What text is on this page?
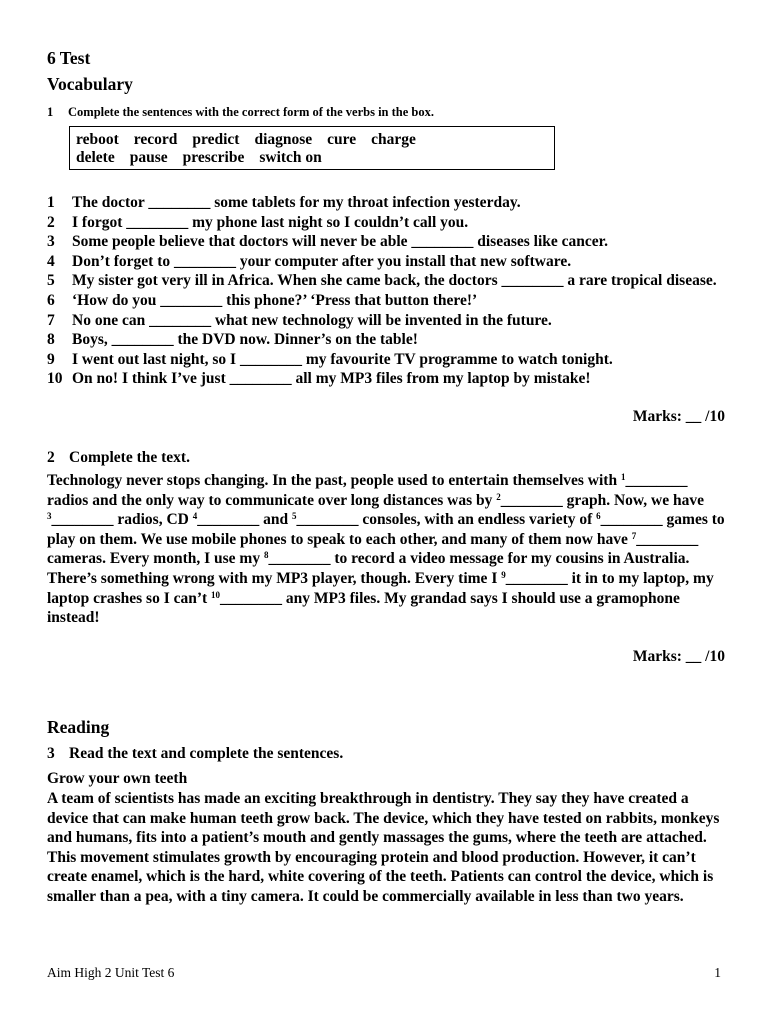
6 Test
Vocabulary
1 Complete the sentences with the correct form of the verbs in the box.
reboot record predict diagnose cure charge
delete pause prescribe switch on
1	The doctor ________ some tablets for my throat infection yesterday.
2	I forgot ________ my phone last night so I couldn’t call you.
3	Some people believe that doctors will never be able ________ diseases like cancer.
4	Don’t forget to ________ your computer after you install that new software.
5	My sister got very ill in Africa. When she came back, the doctors ________ a rare tropical disease.
6	‘How do you ________ this phone?’ ‘Press that button there!’
7	No one can ________ what new technology will be invented in the future.
8	Boys, ________ the DVD now. Dinner’s on the table!
9	I went out last night, so I ________ my favourite TV programme to watch tonight.
10 On no! I think I’ve just ________ all my MP3 files from my laptop by mistake!
Marks: __ /10
2 Complete the text.
Technology never stops changing. In the past, people used to entertain themselves with $^1$________ radios and the only way to communicate over long distances was by $^2$________ graph. Now, we have $^3$________ radios, CD $^4$________ and $^5$________ consoles, with an endless variety of $^6$________ games to play on them. We use mobile phones to speak to each other, and many of them now have $^7$________ cameras. Every month, I use my $^8$________ to record a video message for my cousins in Australia. There’s something wrong with my MP3 player, though. Every time I $^9$________ it in to my laptop, my laptop crashes so I can’t $^{10}$________ any MP3 files. My grandad says I should use a gramophone instead!
Marks: __ /10
Reading
3 Read the text and complete the sentences.
Grow your own teeth
A team of scientists has made an exciting breakthrough in dentistry. They say they have created a device that can make human teeth grow back. The device, which they have tested on rabbits, monkeys and humans, fits into a patient’s mouth and gently massages the gums, where the teeth are attached. This movement stimulates growth by encouraging protein and blood production. However, it can’t create enamel, which is the hard, white covering of the teeth. Patients can control the device, which is smaller than a pea, with a tiny camera. It could be commercially available in less than two years.
Aim High 2 Unit Test 6	1
